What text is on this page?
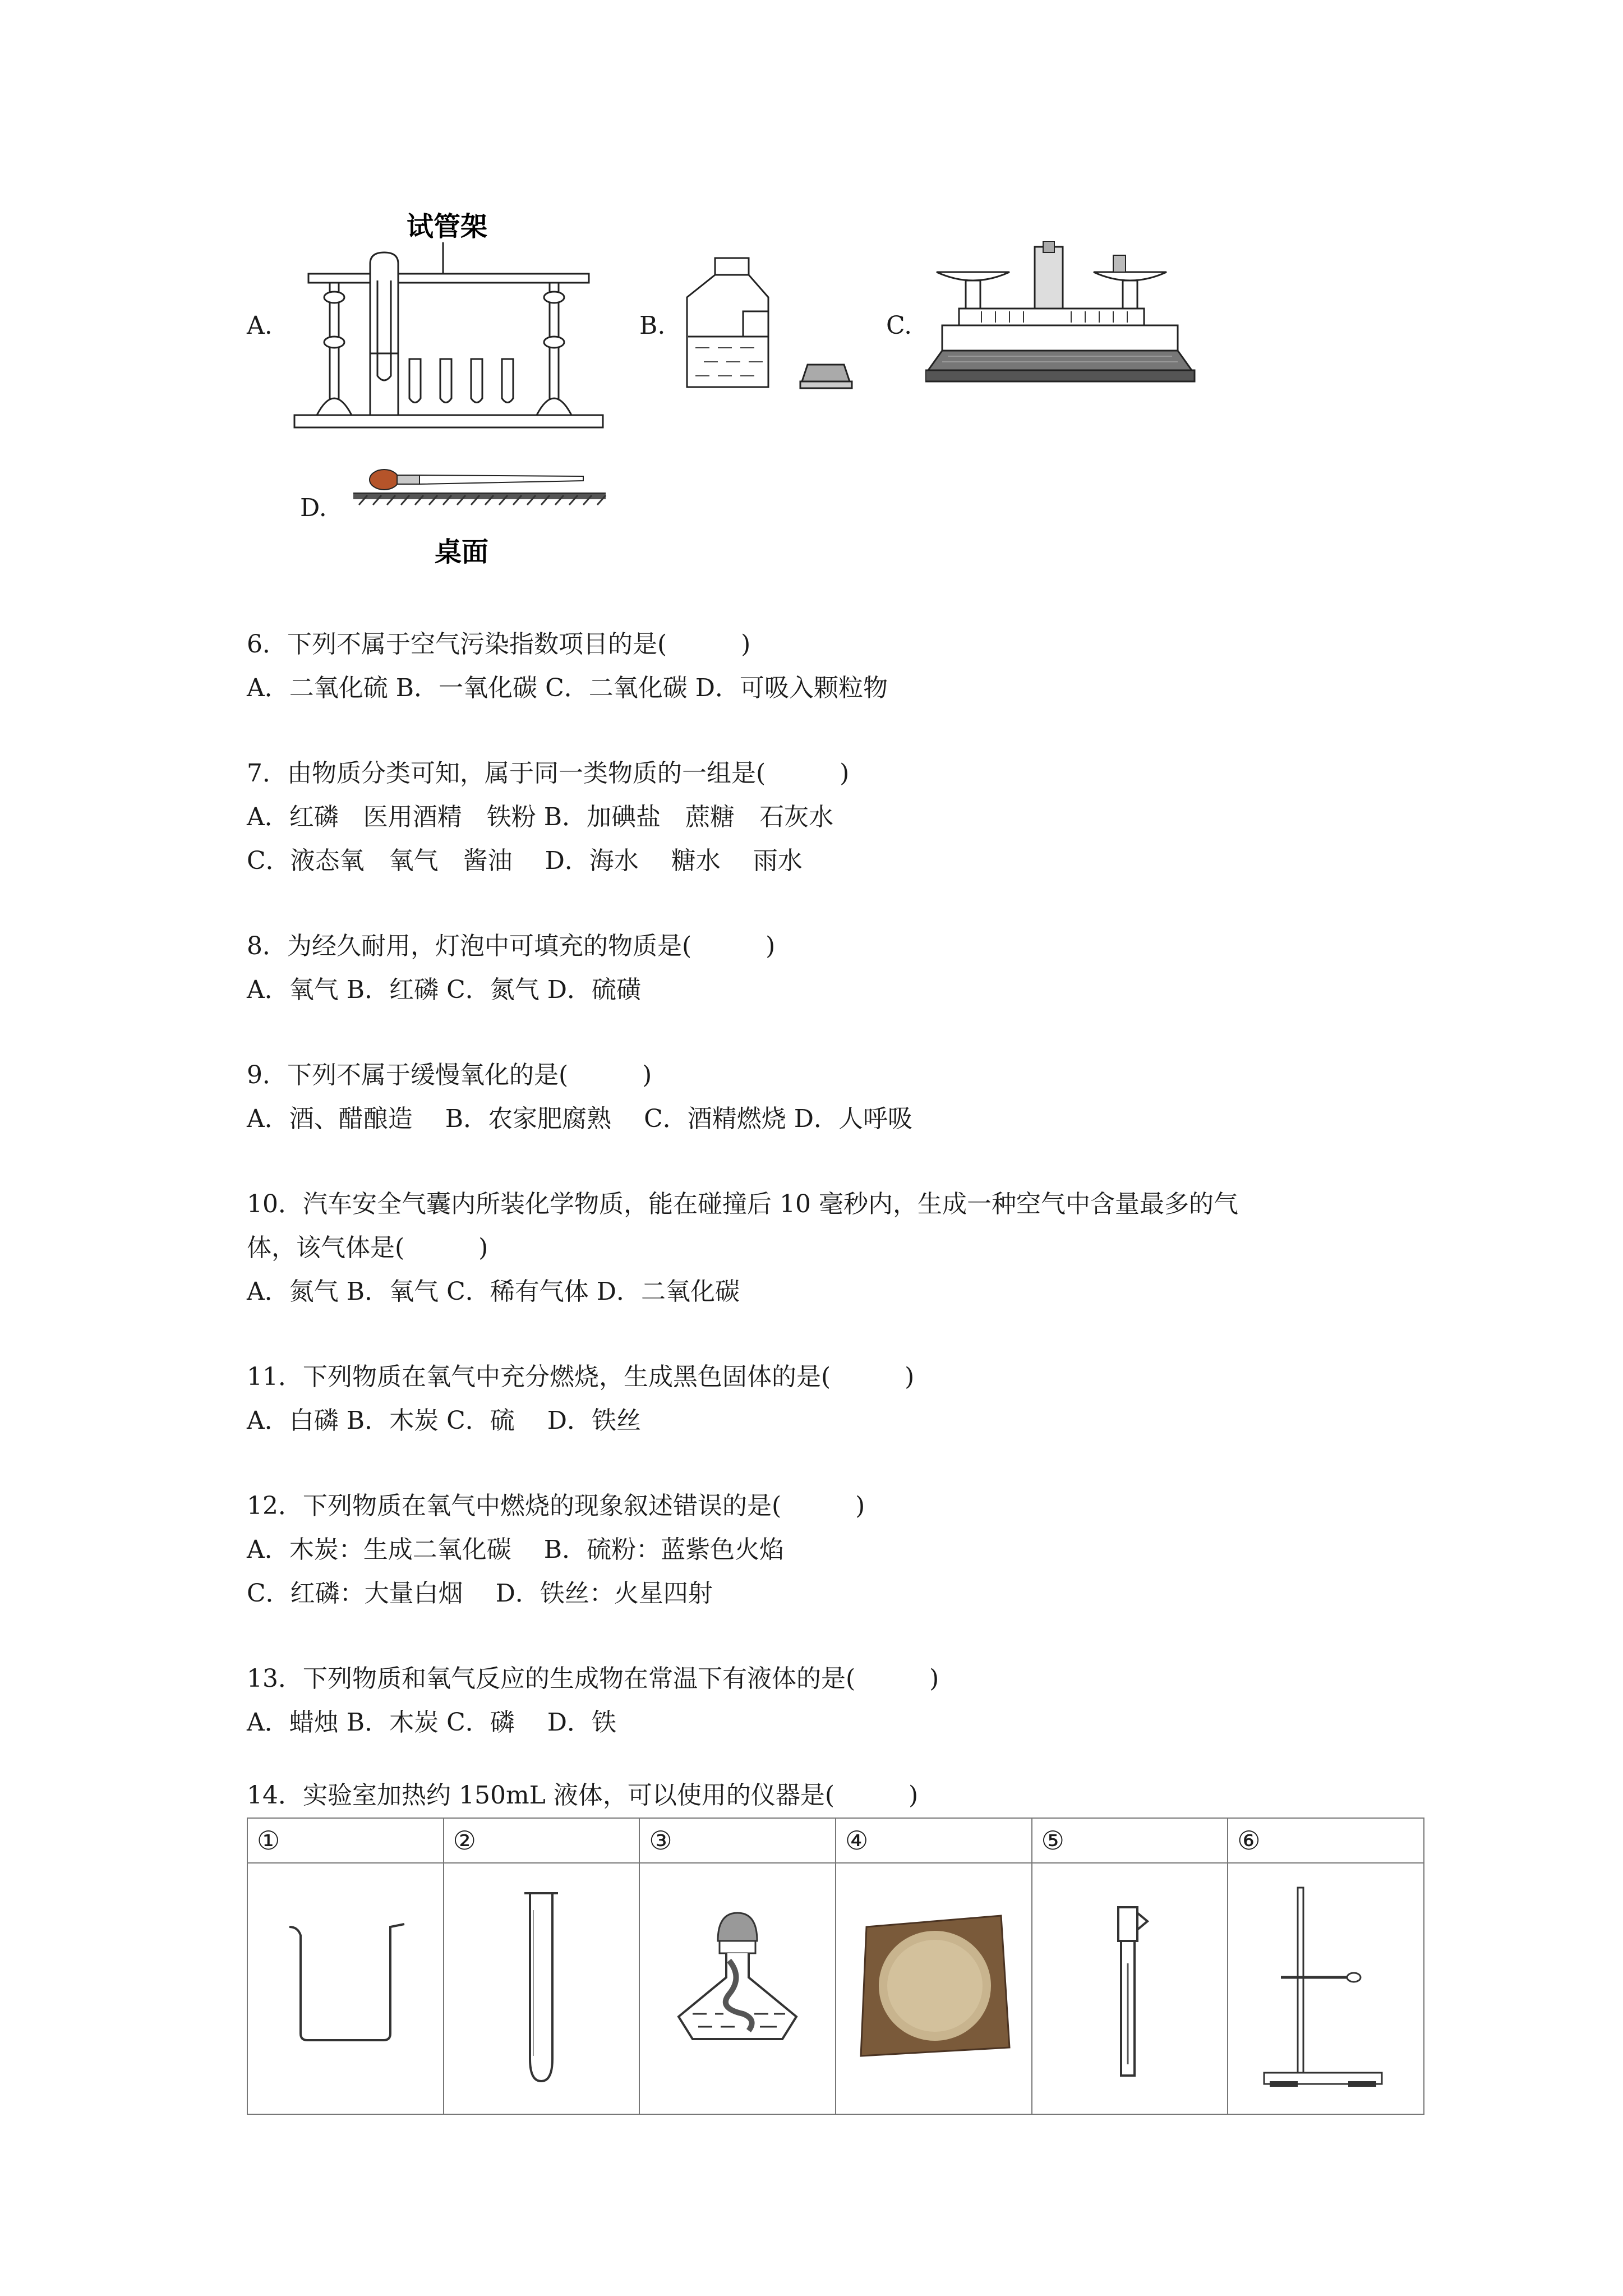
A.
试管架
B.	C.
D.
桌面
6．下列不属于空气污染指数项目的是(　　　)
A．二氧化硫 B．一氧化碳 C．二氧化碳 D．可吸入颗粒物
7．由物质分类可知，属于同一类物质的一组是(　　　)
A．红磷　医用酒精　铁粉 B．加碘盐　蔗糖　石灰水
C．液态氧　氧气　酱油　 D．海水　 糖水　 雨水
8．为经久耐用，灯泡中可填充的物质是(　　　)
A．氧气 B．红磷 C．氮气 D．硫磺
9．下列不属于缓慢氧化的是(　　　)
A．酒、醋酿造　 B．农家肥腐熟　 C．酒精燃烧 D．人呼吸
10．汽车安全气囊内所装化学物质，能在碰撞后 10 毫秒内，生成一种空气中含量最多的气
体，该气体是(　　　)
A．氮气 B．氧气 C．稀有气体 D．二氧化碳
11．下列物质在氧气中充分燃烧，生成黑色固体的是(　　　)
A．白磷 B．木炭 C．硫　 D．铁丝
12．下列物质在氧气中燃烧的现象叙述错误的是(　　　)
A．木炭：生成二氧化碳　 B．硫粉：蓝紫色火焰
C．红磷：大量白烟　 D．铁丝：火星四射
13．下列物质和氧气反应的生成物在常温下有液体的是(　　　)
A．蜡烛 B．木炭 C．磷　 D．铁
14．实验室加热约 150mL 液体，可以使用的仪器是(　　　)
①	②	③	④	⑤	⑥
